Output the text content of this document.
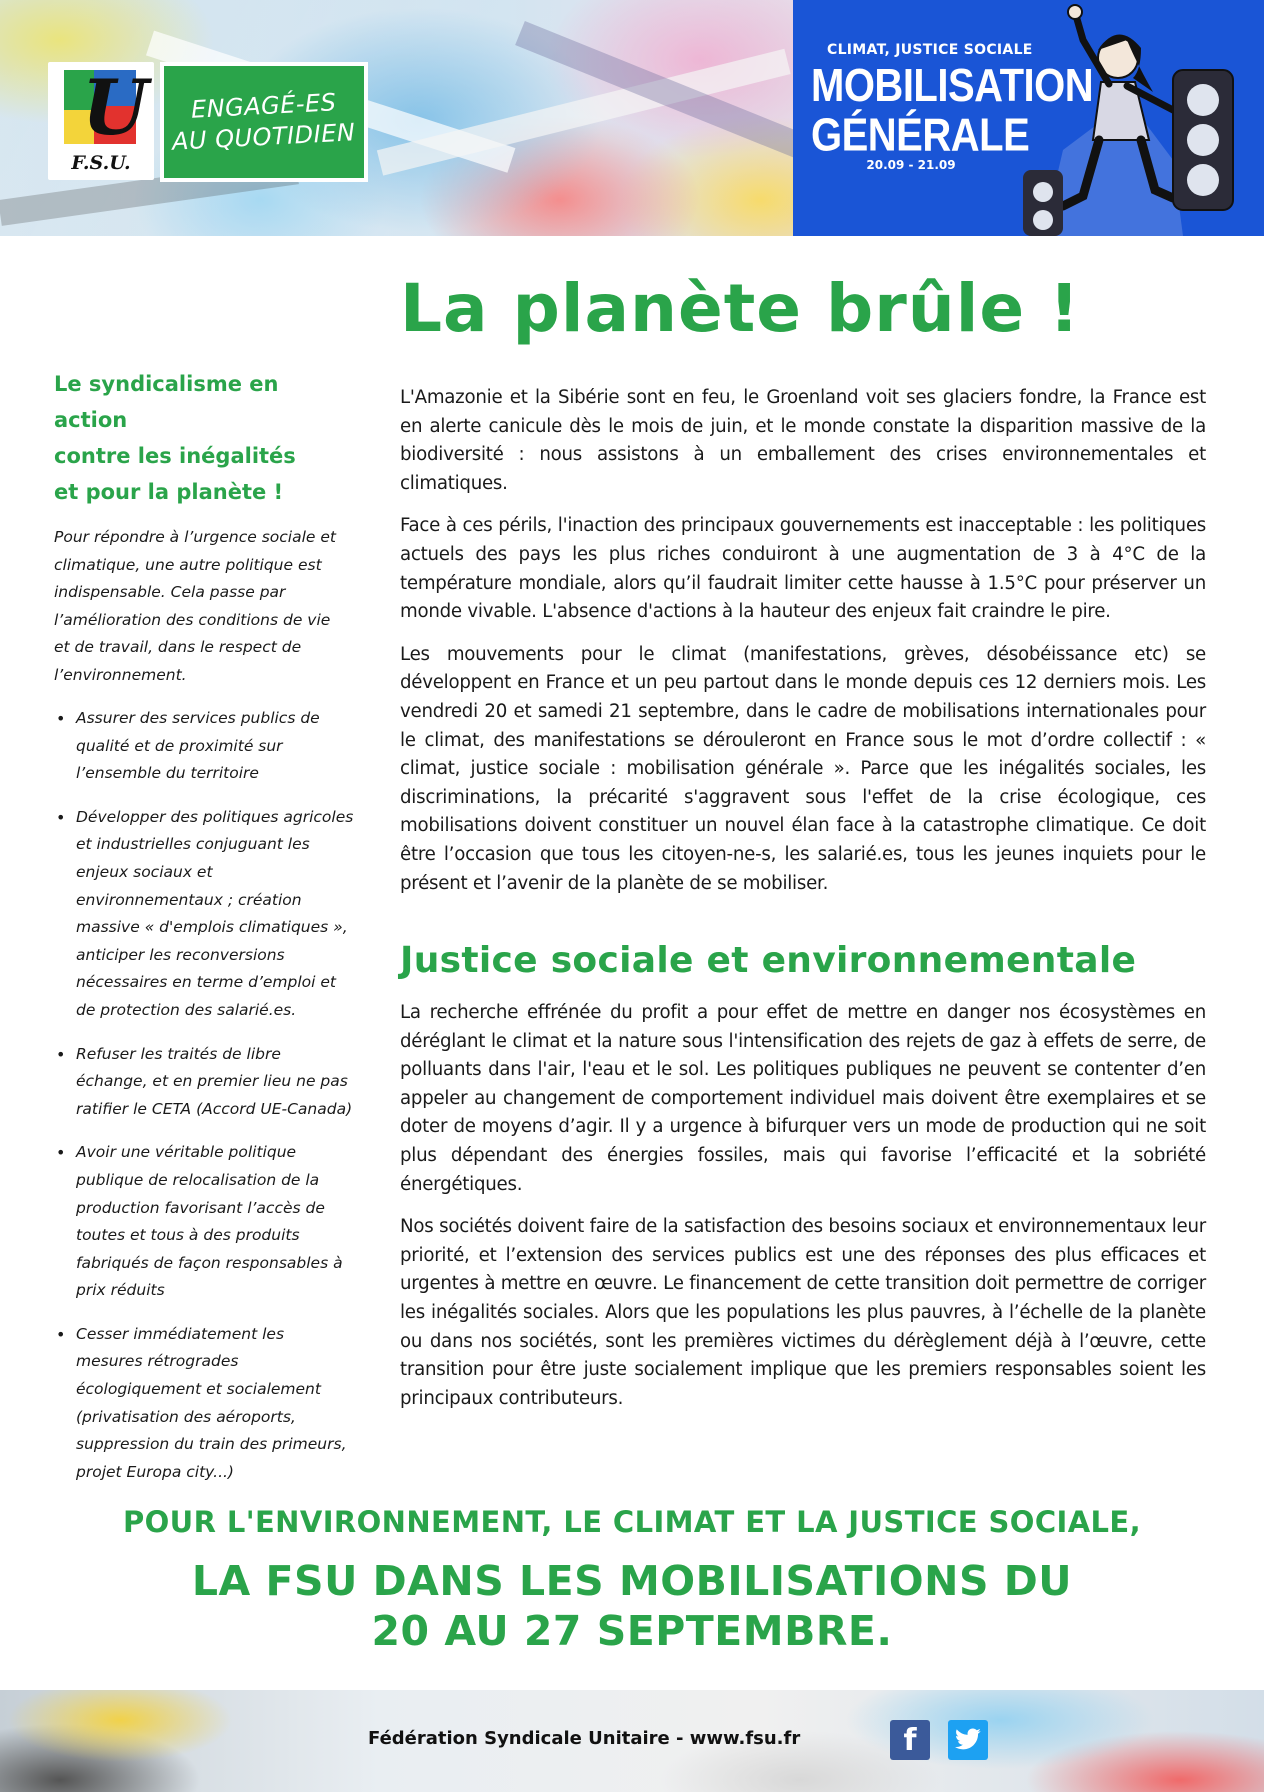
U
F.S.U.
ENGAGÉ-ES
AU QUOTIDIEN
CLIMAT, JUSTICE SOCIALE
MOBILISATION
GÉNÉRALE
20.09 - 21.09
La planète brûle !
Le syndicalisme en action
contre les inégalités
et pour la planète !

Pour répondre à l’urgence sociale et climatique, une autre politique est indispensable. Cela passe par l’amélioration des conditions de vie et de travail, dans le respect de l’environnement.

• Assurer des services publics de qualité et de proximité sur l’ensemble du territoire
• Développer des politiques agricoles et industrielles conjuguant les enjeux sociaux et environnementaux ; création massive « d'emplois climatiques », anticiper les reconversions nécessaires en terme d’emploi et de protection des salarié.es.
• Refuser les traités de libre échange, et en premier lieu ne pas ratifier le CETA (Accord UE-Canada)
• Avoir une véritable politique publique de relocalisation de la production favorisant l’accès de toutes et tous à des produits fabriqués de façon responsables à prix réduits
• Cesser immédiatement les mesures rétrogrades écologiquement et socialement (privatisation des aéroports, suppression du train des primeurs, projet Europa city...)

L'Amazonie et la Sibérie sont en feu, le Groenland voit ses glaciers fondre, la France est en alerte canicule dès le mois de juin, et le monde constate la disparition massive de la biodiversité : nous assistons à un emballement des crises environnementales et climatiques.

Face à ces périls, l'inaction des principaux gouvernements est inacceptable : les politiques actuels des pays les plus riches conduiront à une augmentation de 3 à 4°C de la température mondiale, alors qu’il faudrait limiter cette hausse à 1.5°C pour préserver un monde vivable. L'absence d'actions à la hauteur des enjeux fait craindre le pire.

Les mouvements pour le climat (manifestations, grèves, désobéissance etc) se développent en France et un peu partout dans le monde depuis ces 12 derniers mois. Les vendredi 20 et samedi 21 septembre, dans le cadre de mobilisations internationales pour le climat, des manifestations se dérouleront en France sous le mot d’ordre collectif : « climat, justice sociale : mobilisation générale ». Parce que les inégalités sociales, les discriminations, la précarité s'aggravent sous l'effet de la crise écologique, ces mobilisations doivent constituer un nouvel élan face à la catastrophe climatique. Ce doit être l’occasion que tous les citoyen-ne-s, les salarié.es, tous les jeunes inquiets pour le présent et l’avenir de la planète de se mobiliser.

Justice sociale et environnementale

La recherche effrénée du profit a pour effet de mettre en danger nos écosystèmes en déréglant le climat et la nature sous l'intensification des rejets de gaz à effets de serre, de polluants dans l'air, l'eau et le sol. Les politiques publiques ne peuvent se contenter d’en appeler au changement de comportement individuel mais doivent être exemplaires et se doter de moyens d’agir. Il y a urgence à bifurquer vers un mode de production qui ne soit plus dépendant des énergies fossiles, mais qui favorise l’efficacité et la sobriété énergétiques.

Nos sociétés doivent faire de la satisfaction des besoins sociaux et environnementaux leur priorité, et l’extension des services publics est une des réponses des plus efficaces et urgentes à mettre en œuvre. Le financement de cette transition doit permettre de corriger les inégalités sociales. Alors que les populations les plus pauvres, à l’échelle de la planète ou dans nos sociétés, sont les premières victimes du dérèglement déjà à l’œuvre, cette transition pour être juste socialement implique que les premiers responsables soient les principaux contributeurs.

POUR L'ENVIRONNEMENT, LE CLIMAT ET LA JUSTICE SOCIALE,
LA FSU DANS LES MOBILISATIONS DU 20 AU 27 SEPTEMBRE.
Fédération Syndicale Unitaire - www.fsu.fr	f
